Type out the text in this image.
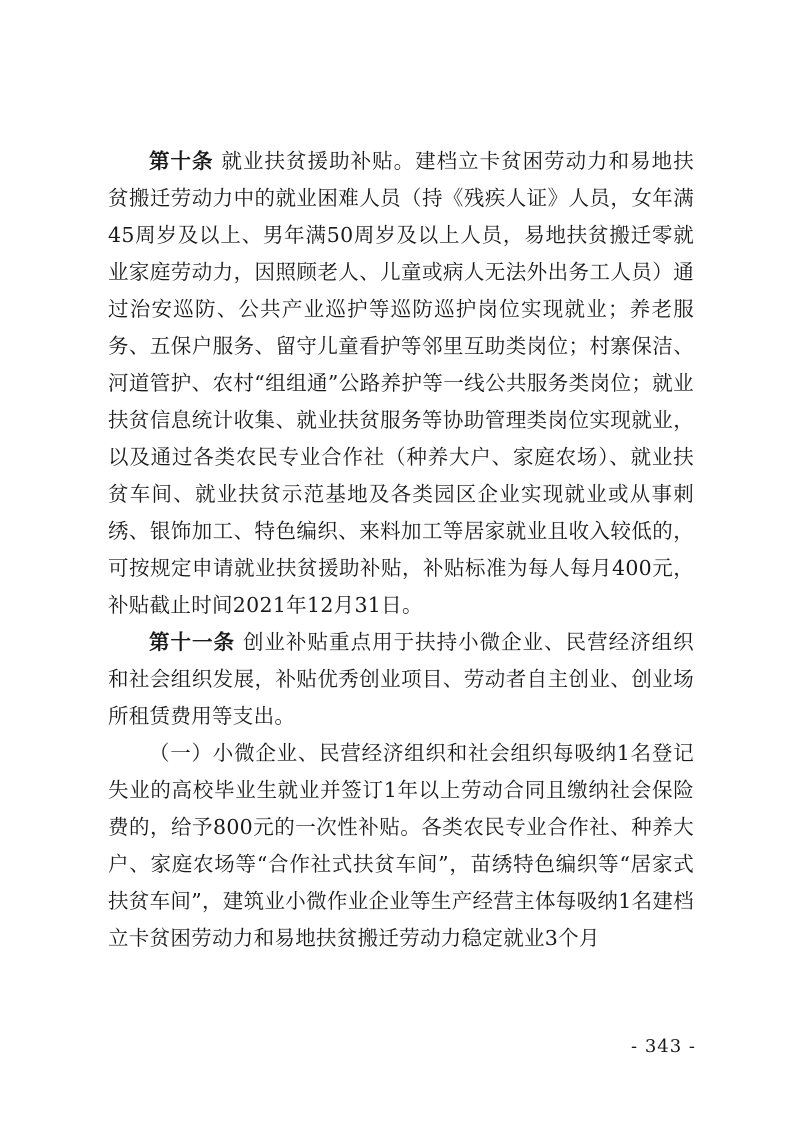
第十条 就业扶贫援助补贴。建档立卡贫困劳动力和易地扶贫搬迁劳动力中的就业困难人员（持《残疾人证》人员，女年满45周岁及以上、男年满50周岁及以上人员，易地扶贫搬迁零就业家庭劳动力，因照顾老人、儿童或病人无法外出务工人员）通过治安巡防、公共产业巡护等巡防巡护岗位实现就业；养老服务、五保户服务、留守儿童看护等邻里互助类岗位；村寨保洁、河道管护、农村“组组通”公路养护等一线公共服务类岗位；就业扶贫信息统计收集、就业扶贫服务等协助管理类岗位实现就业，以及通过各类农民专业合作社（种养大户、家庭农场）、就业扶贫车间、就业扶贫示范基地及各类园区企业实现就业或从事刺绣、银饰加工、特色编织、来料加工等居家就业且收入较低的，可按规定申请就业扶贫援助补贴，补贴标准为每人每月400元，补贴截止时间2021年12月31日。

第十一条 创业补贴重点用于扶持小微企业、民营经济组织和社会组织发展，补贴优秀创业项目、劳动者自主创业、创业场所租赁费用等支出。

（一）小微企业、民营经济组织和社会组织每吸纳1名登记失业的高校毕业生就业并签订1年以上劳动合同且缴纳社会保险费的，给予800元的一次性补贴。各类农民专业合作社、种养大户、家庭农场等“合作社式扶贫车间”，苗绣特色编织等“居家式扶贫车间”，建筑业小微作业企业等生产经营主体每吸纳1名建档立卡贫困劳动力和易地扶贫搬迁劳动力稳定就业3个月

- 343 -
